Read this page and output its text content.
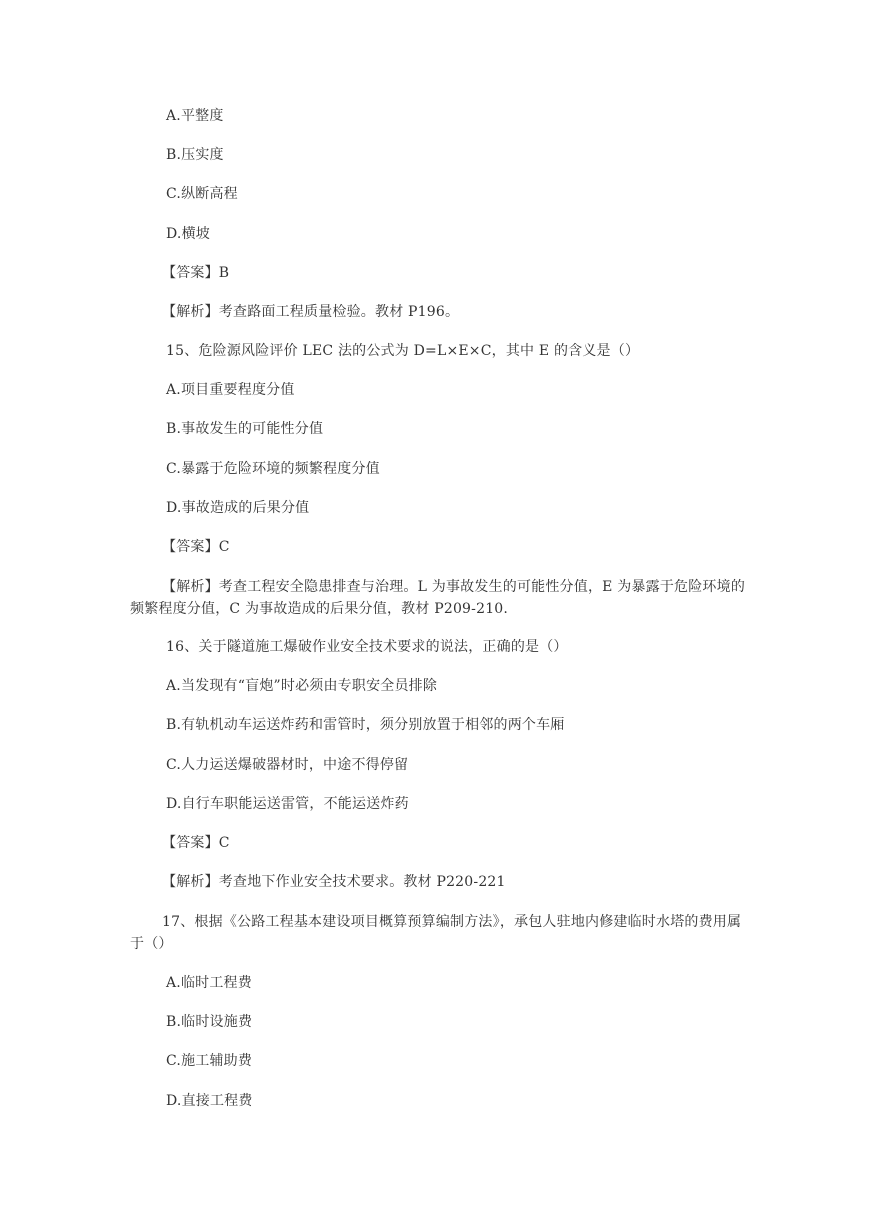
A.平整度
B.压实度
C.纵断高程
D.横坡
【答案】B
【解析】考查路面工程质量检验。教材 P196。
15、危险源风险评价 LEC 法的公式为 D=L×E×C，其中 E 的含义是（）
A.项目重要程度分值
B.事故发生的可能性分值
C.暴露于危险环境的频繁程度分值
D.事故造成的后果分值
【答案】C
【解析】考查工程安全隐患排查与治理。L 为事故发生的可能性分值，E 为暴露于危险环境的频繁程度分值，C 为事故造成的后果分值，教材 P209-210.
16、关于隧道施工爆破作业安全技术要求的说法，正确的是（）
A.当发现有“盲炮”时必须由专职安全员排除
B.有轨机动车运送炸药和雷管时，须分别放置于相邻的两个车厢
C.人力运送爆破器材时，中途不得停留
D.自行车职能运送雷管，不能运送炸药
【答案】C
【解析】考查地下作业安全技术要求。教材 P220-221
17、根据《公路工程基本建设项目概算预算编制方法》，承包人驻地内修建临时水塔的费用属于（）
A.临时工程费
B.临时设施费
C.施工辅助费
D.直接工程费
